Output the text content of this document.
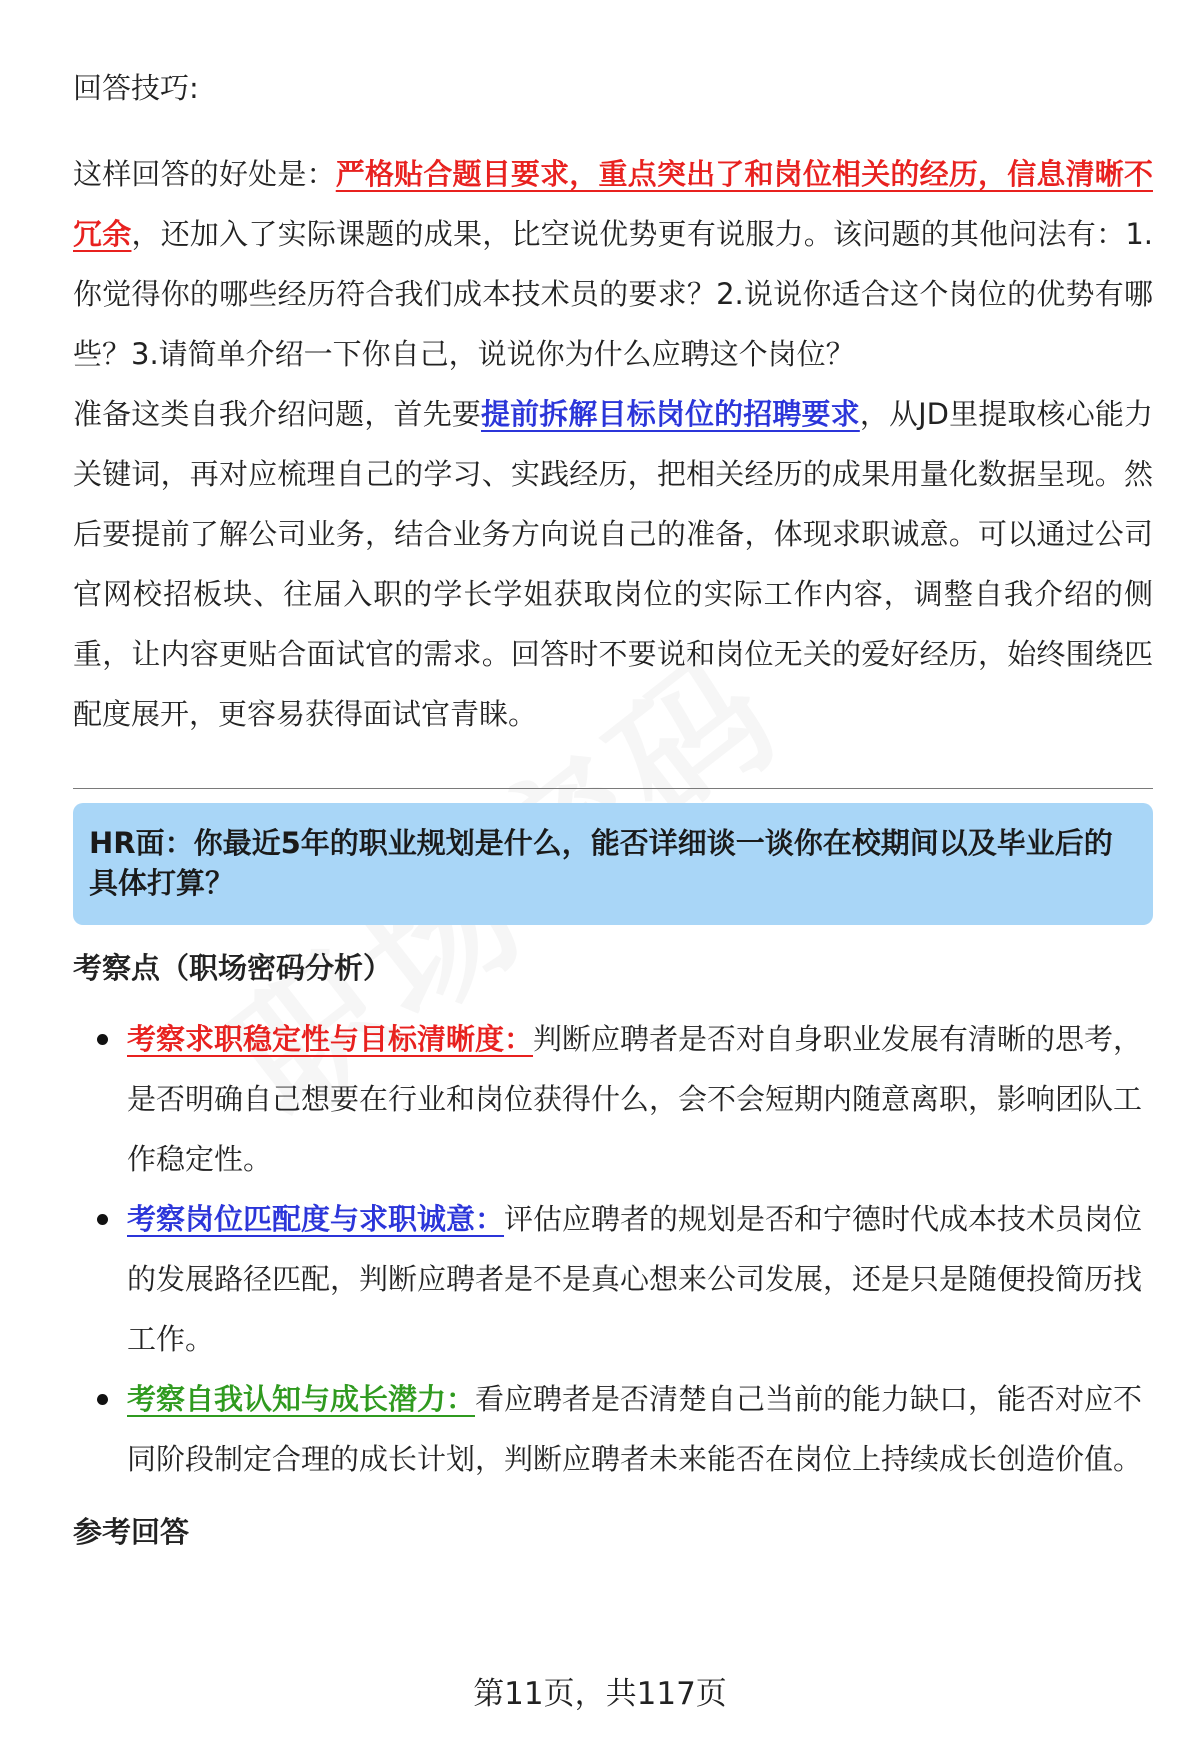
回答技巧:

这样回答的好处是：严格贴合题目要求，重点突出了和岗位相关的经历，信息清晰不冗余，还加入了实际课题的成果，比空说优势更有说服力。该问题的其他问法有：1.你觉得你的哪些经历符合我们成本技术员的要求？2.说说你适合这个岗位的优势有哪些？3.请简单介绍一下你自己，说说你为什么应聘这个岗位？

准备这类自我介绍问题，首先要提前拆解目标岗位的招聘要求，从JD里提取核心能力关键词，再对应梳理自己的学习、实践经历，把相关经历的成果用量化数据呈现。然后要提前了解公司业务，结合业务方向说自己的准备，体现求职诚意。可以通过公司官网校招板块、往届入职的学长学姐获取岗位的实际工作内容，调整自我介绍的侧重，让内容更贴合面试官的需求。回答时不要说和岗位无关的爱好经历，始终围绕匹配度展开，更容易获得面试官青睐。

HR面：你最近5年的职业规划是什么，能否详细谈一谈你在校期间以及毕业后的具体打算？
考察点（职场密码分析）
考察求职稳定性与目标清晰度：判断应聘者是否对自身职业发展有清晰的思考，是否明确自己想要在行业和岗位获得什么，会不会短期内随意离职，影响团队工作稳定性。
考察岗位匹配度与求职诚意：评估应聘者的规划是否和宁德时代成本技术员岗位的发展路径匹配，判断应聘者是不是真心想来公司发展，还是只是随便投简历找工作。
考察自我认知与成长潜力：看应聘者是否清楚自己当前的能力缺口，能否对应不同阶段制定合理的成长计划，判断应聘者未来能否在岗位上持续成长创造价值。
参考回答
第11页，共117页
